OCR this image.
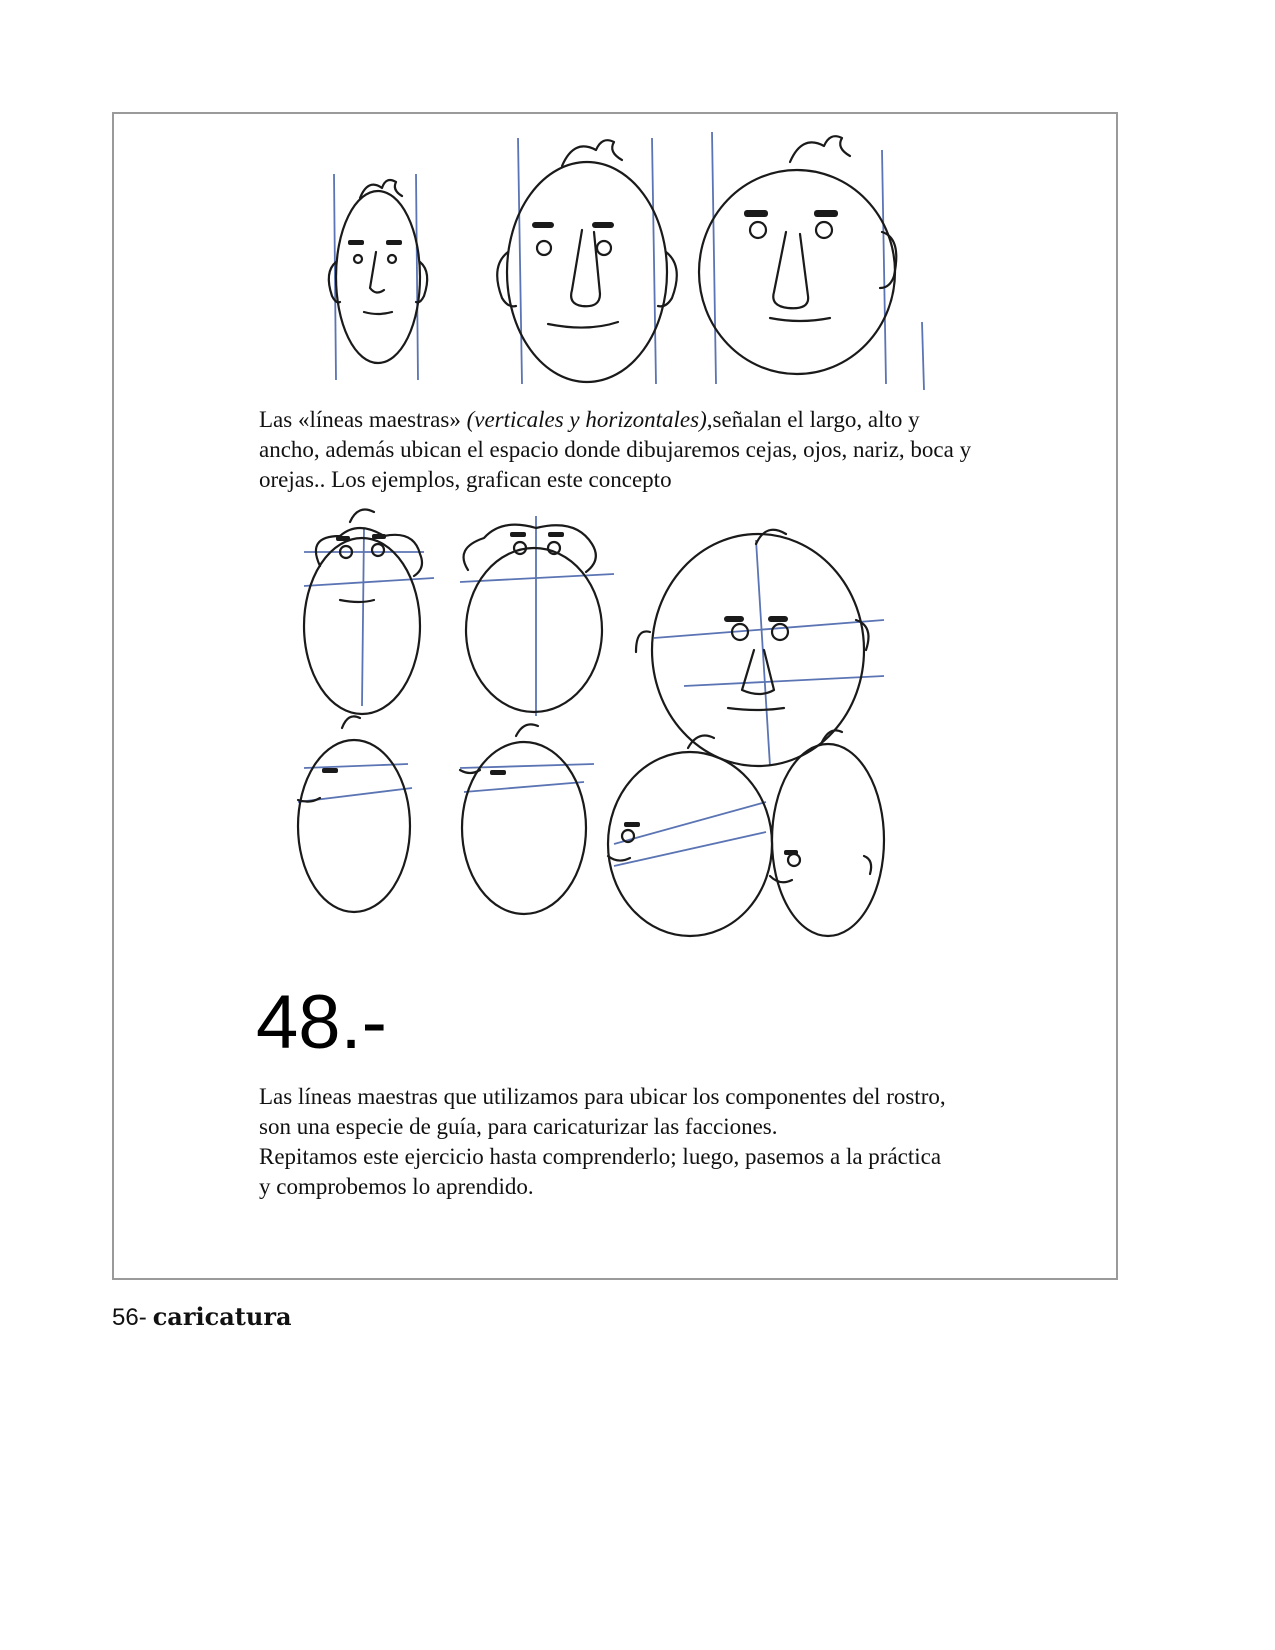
Las «líneas maestras» (verticales y horizontales),señalan el largo, alto y ancho, además ubican el espacio donde dibujaremos cejas, ojos, nariz, boca y orejas.. Los ejemplos, grafican este concepto
48.-
Las líneas maestras que utilizamos para ubicar los componentes del rostro,
son una especie de guía, para caricaturizar las facciones.
Repitamos este ejercicio hasta comprenderlo; luego, pasemos a la práctica
y comprobemos lo aprendido.
56- caricatura
